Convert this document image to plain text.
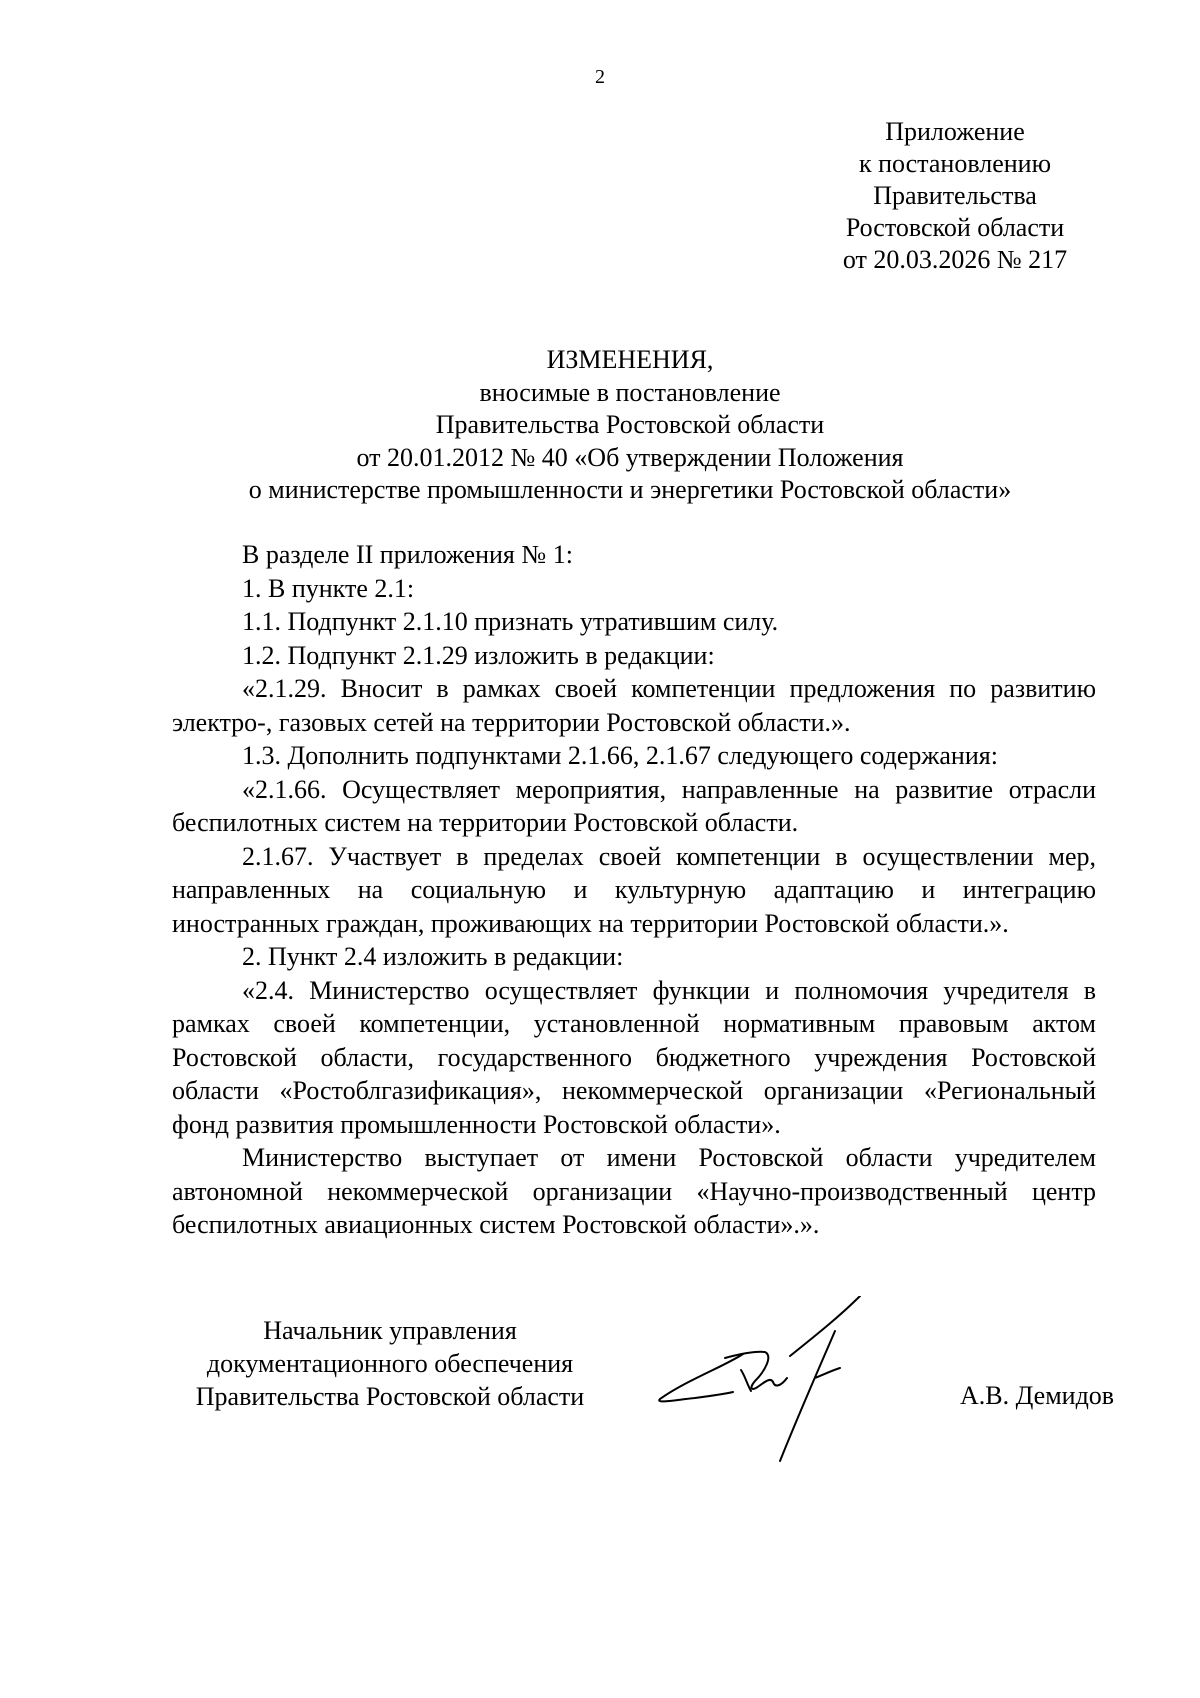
2
Приложение
к постановлению
Правительства
Ростовской области
от 20.03.2026 № 217
ИЗМЕНЕНИЯ,
вносимые в постановление
Правительства Ростовской области
от 20.01.2012 № 40 «Об утверждении Положения
о министерстве промышленности и энергетики Ростовской области»

В разделе II приложения № 1:

1. В пункте 2.1:

1.1. Подпункт 2.1.10 признать утратившим силу.

1.2. Подпункт 2.1.29 изложить в редакции:

«2.1.29. Вносит в рамках своей компетенции предложения по развитию электро-, газовых сетей на территории Ростовской области.».

1.3. Дополнить подпунктами 2.1.66, 2.1.67 следующего содержания:

«2.1.66. Осуществляет мероприятия, направленные на развитие отрасли беспилотных систем на территории Ростовской области.

2.1.67. Участвует в пределах своей компетенции в осуществлении мер, направленных на социальную и культурную адаптацию и интеграцию иностранных граждан, проживающих на территории Ростовской области.».

2. Пункт 2.4 изложить в редакции:

«2.4. Министерство осуществляет функции и полномочия учредителя в рамках своей компетенции, установленной нормативным правовым актом Ростовской области, государственного бюджетного учреждения Ростовской области «Ростоблгазификация», некоммерческой организации «Региональный фонд развития промышленности Ростовской области».

Министерство выступает от имени Ростовской области учредителем автономной некоммерческой организации «Научно-производственный центр беспилотных авиационных систем Ростовской области».».

Начальник управления
документационного обеспечения
Правительства Ростовской области	А.В. Демидов
